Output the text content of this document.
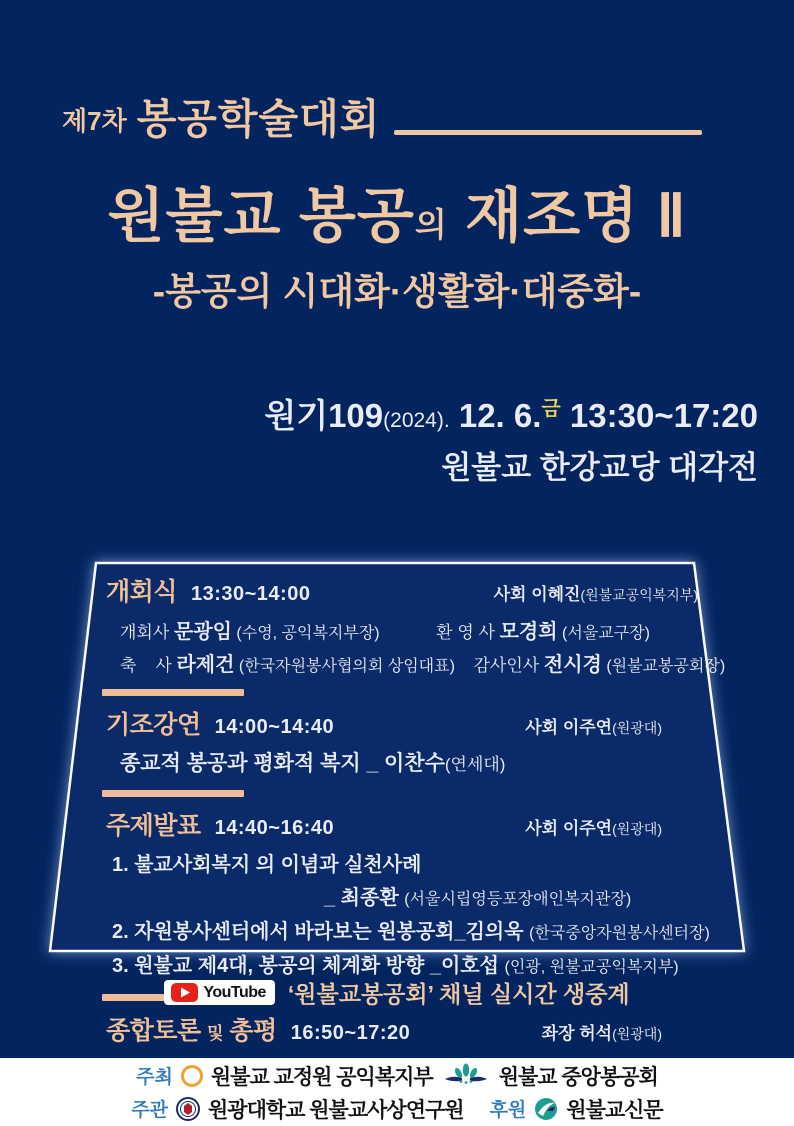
제7차 봉공학술대회
원불교 봉공의 재조명 Ⅱ
-봉공의 시대화·생활화·대중화-
원기109(2024). 12. 6.$^금$ 13:30~17:20
원불교 한강교당 대각전
개회식 13:30~14:00	사회 이혜진(원불교공익복지부)
개회사 문광임 (수영, 공익복지부장)	환 영 사 모경희 (서울교구장)
축    사 라제건 (한국자원봉사협의회 상임대표) 감사인사 전시경 (원불교봉공회장)
기조강연 14:00~14:40	사회 이주연(원광대)
종교적 봉공과 평화적 복지 _ 이찬수(연세대)
주제발표 14:40~16:40	사회 이주연(원광대)
1. 불교사회복지 의 이념과 실천사례
_ 최종환 (서울시립영등포장애인복지관장)
2. 자원봉사센터에서 바라보는 원봉공회_김의욱 (한국중앙자원봉사센터장)
3. 원불교 제4대, 봉공의 체계화 방향 _이호섭 (인광, 원불교공익복지부)
종합토론 및 총평 16:50~17:20	좌장 허석(원광대)
YouTube ‘원불교봉공회’ 채널 실시간 생중계
주최 원불교 교정원 공익복지부	원불교 중앙봉공회
주관 원광대학교 원불교사상연구원 후원 원불교신문
